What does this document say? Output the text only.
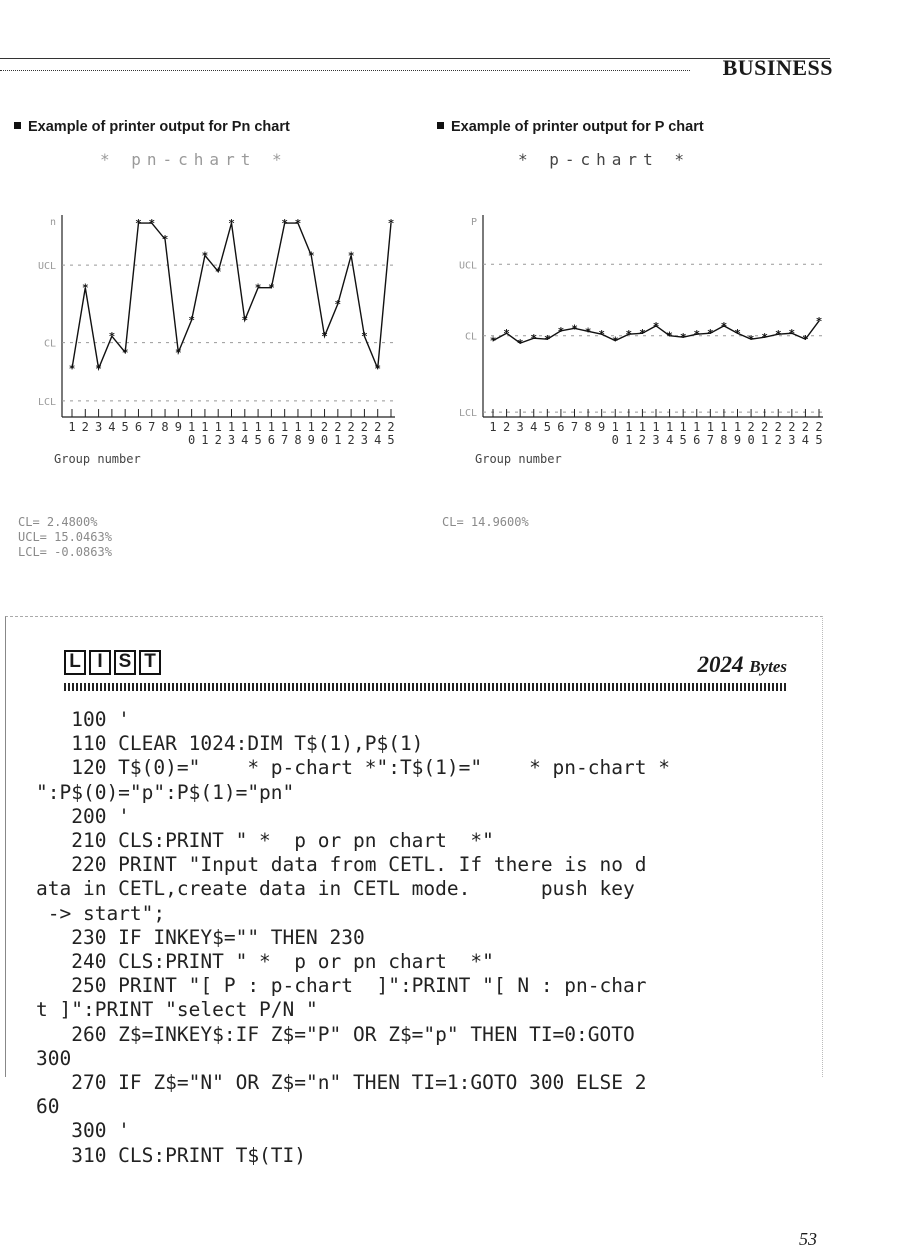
BUSINESS
Example of printer output for Pn chart	Example of printer output for P chart
* pn-chart *	* p-chart *
n
UCL
CL
LCL
1 2 3 4 5 6 7 8 9 1
0
1
1
1
2
1
3
1
4
1
5
1
6
1
7
1
8
1
9
2
0
2
1
2
2
2
3
2
4
2
5
Group number
*
*
*
*
*
* *
*
*
*
*
*
*
*
* *
* *
*
*
*
*
*
*
*	P
UCL
CL
LCL
1 2 3 4 5 6 7 8 9 1
0
1
1
1
2
1
3
1
4
1
5
1
6
1
7
1
8
1
9
2
0
2
1
2
2
2
3
2
4
2
5
Group number
*
*
* * *
* * * * * * *
*
* * * *
*
* * * * * *
*
CL= 2.4800%
UCL= 15.0463%
LCL= -0.0863%
CL= 14.9600%
L I S T	2024 Bytes
100 '
110 CLEAR 1024:DIM T$(1),P$(1)
120 T$(0)="    * p-chart *":T$(1)="    * pn-chart *
":P$(0)="p":P$(1)="pn"
200 '
210 CLS:PRINT " *  p or pn chart  *"
220 PRINT "Input data from CETL. If there is no d
ata in CETL,create data in CETL mode.      push key
-> start";
230 IF INKEY$="" THEN 230
240 CLS:PRINT " *  p or pn chart  *"
250 PRINT "[ P : p-chart  ]":PRINT "[ N : pn-char
t ]":PRINT "select P/N "
260 Z$=INKEY$:IF Z$="P" OR Z$="p" THEN TI=0:GOTO
300
270 IF Z$="N" OR Z$="n" THEN TI=1:GOTO 300 ELSE 2
60
300 '
310 CLS:PRINT T$(TI)
53
